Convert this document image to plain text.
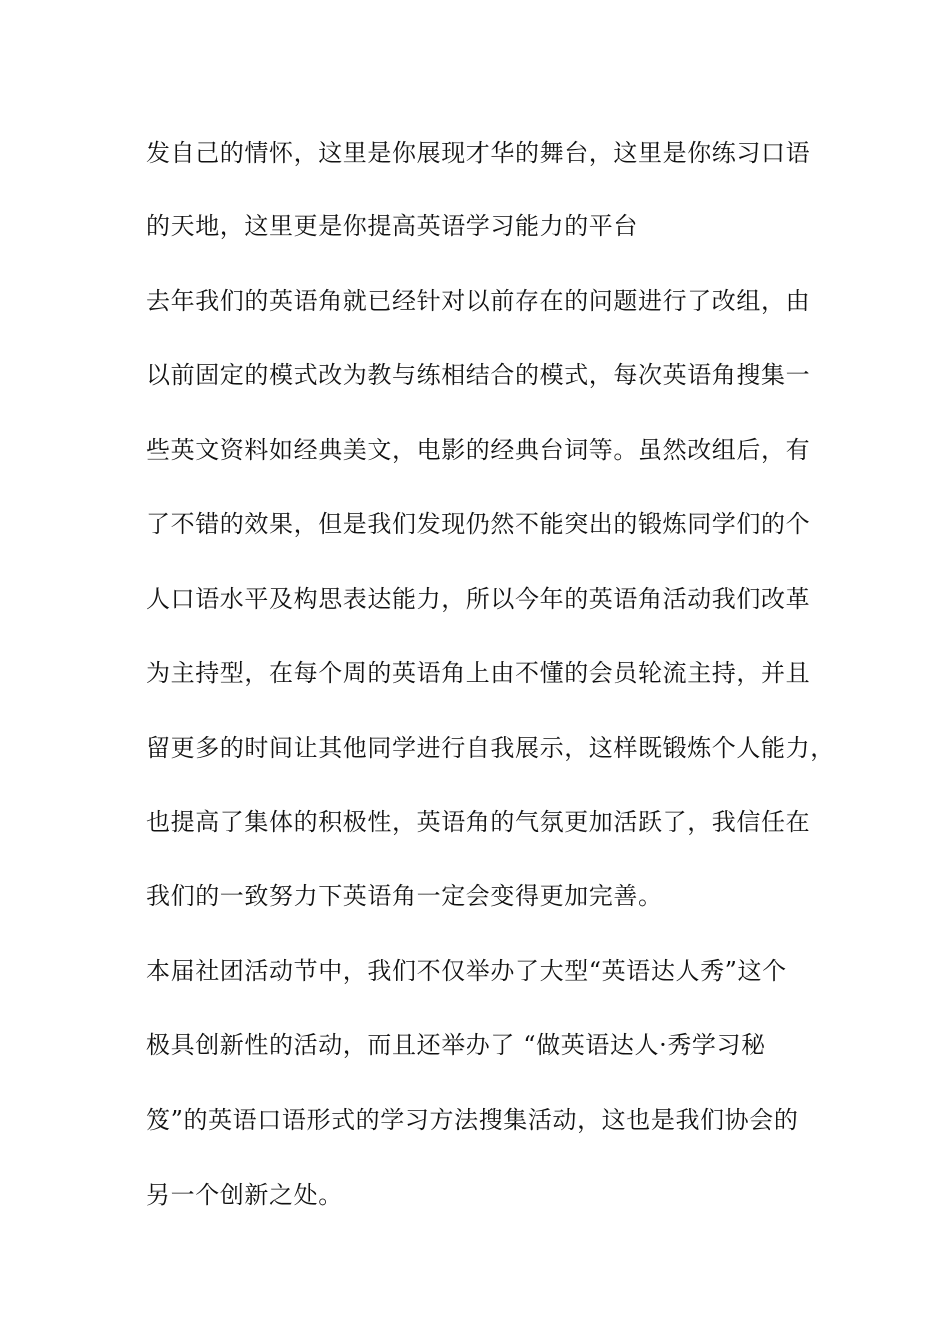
发自己的情怀，这里是你展现才华的舞台，这里是你练习口语
的天地，这里更是你提高英语学习能力的平台
去年我们的英语角就已经针对以前存在的问题进行了改组，由
以前固定的模式改为教与练相结合的模式，每次英语角搜集一
些英文资料如经典美文，电影的经典台词等。虽然改组后，有
了不错的效果，但是我们发现仍然不能突出的锻炼同学们的个
人口语水平及构思表达能力，所以今年的英语角活动我们改革
为主持型，在每个周的英语角上由不懂的会员轮流主持，并且
留更多的时间让其他同学进行自我展示，这样既锻炼个人能力，
也提高了集体的积极性，英语角的气氛更加活跃了，我信任在
我们的一致努力下英语角一定会变得更加完善。
本届社团活动节中，我们不仅举办了大型“英语达人秀”这个
极具创新性的活动，而且还举办了 “做英语达人·秀学习秘
笈”的英语口语形式的学习方法搜集活动，这也是我们协会的
另一个创新之处。
